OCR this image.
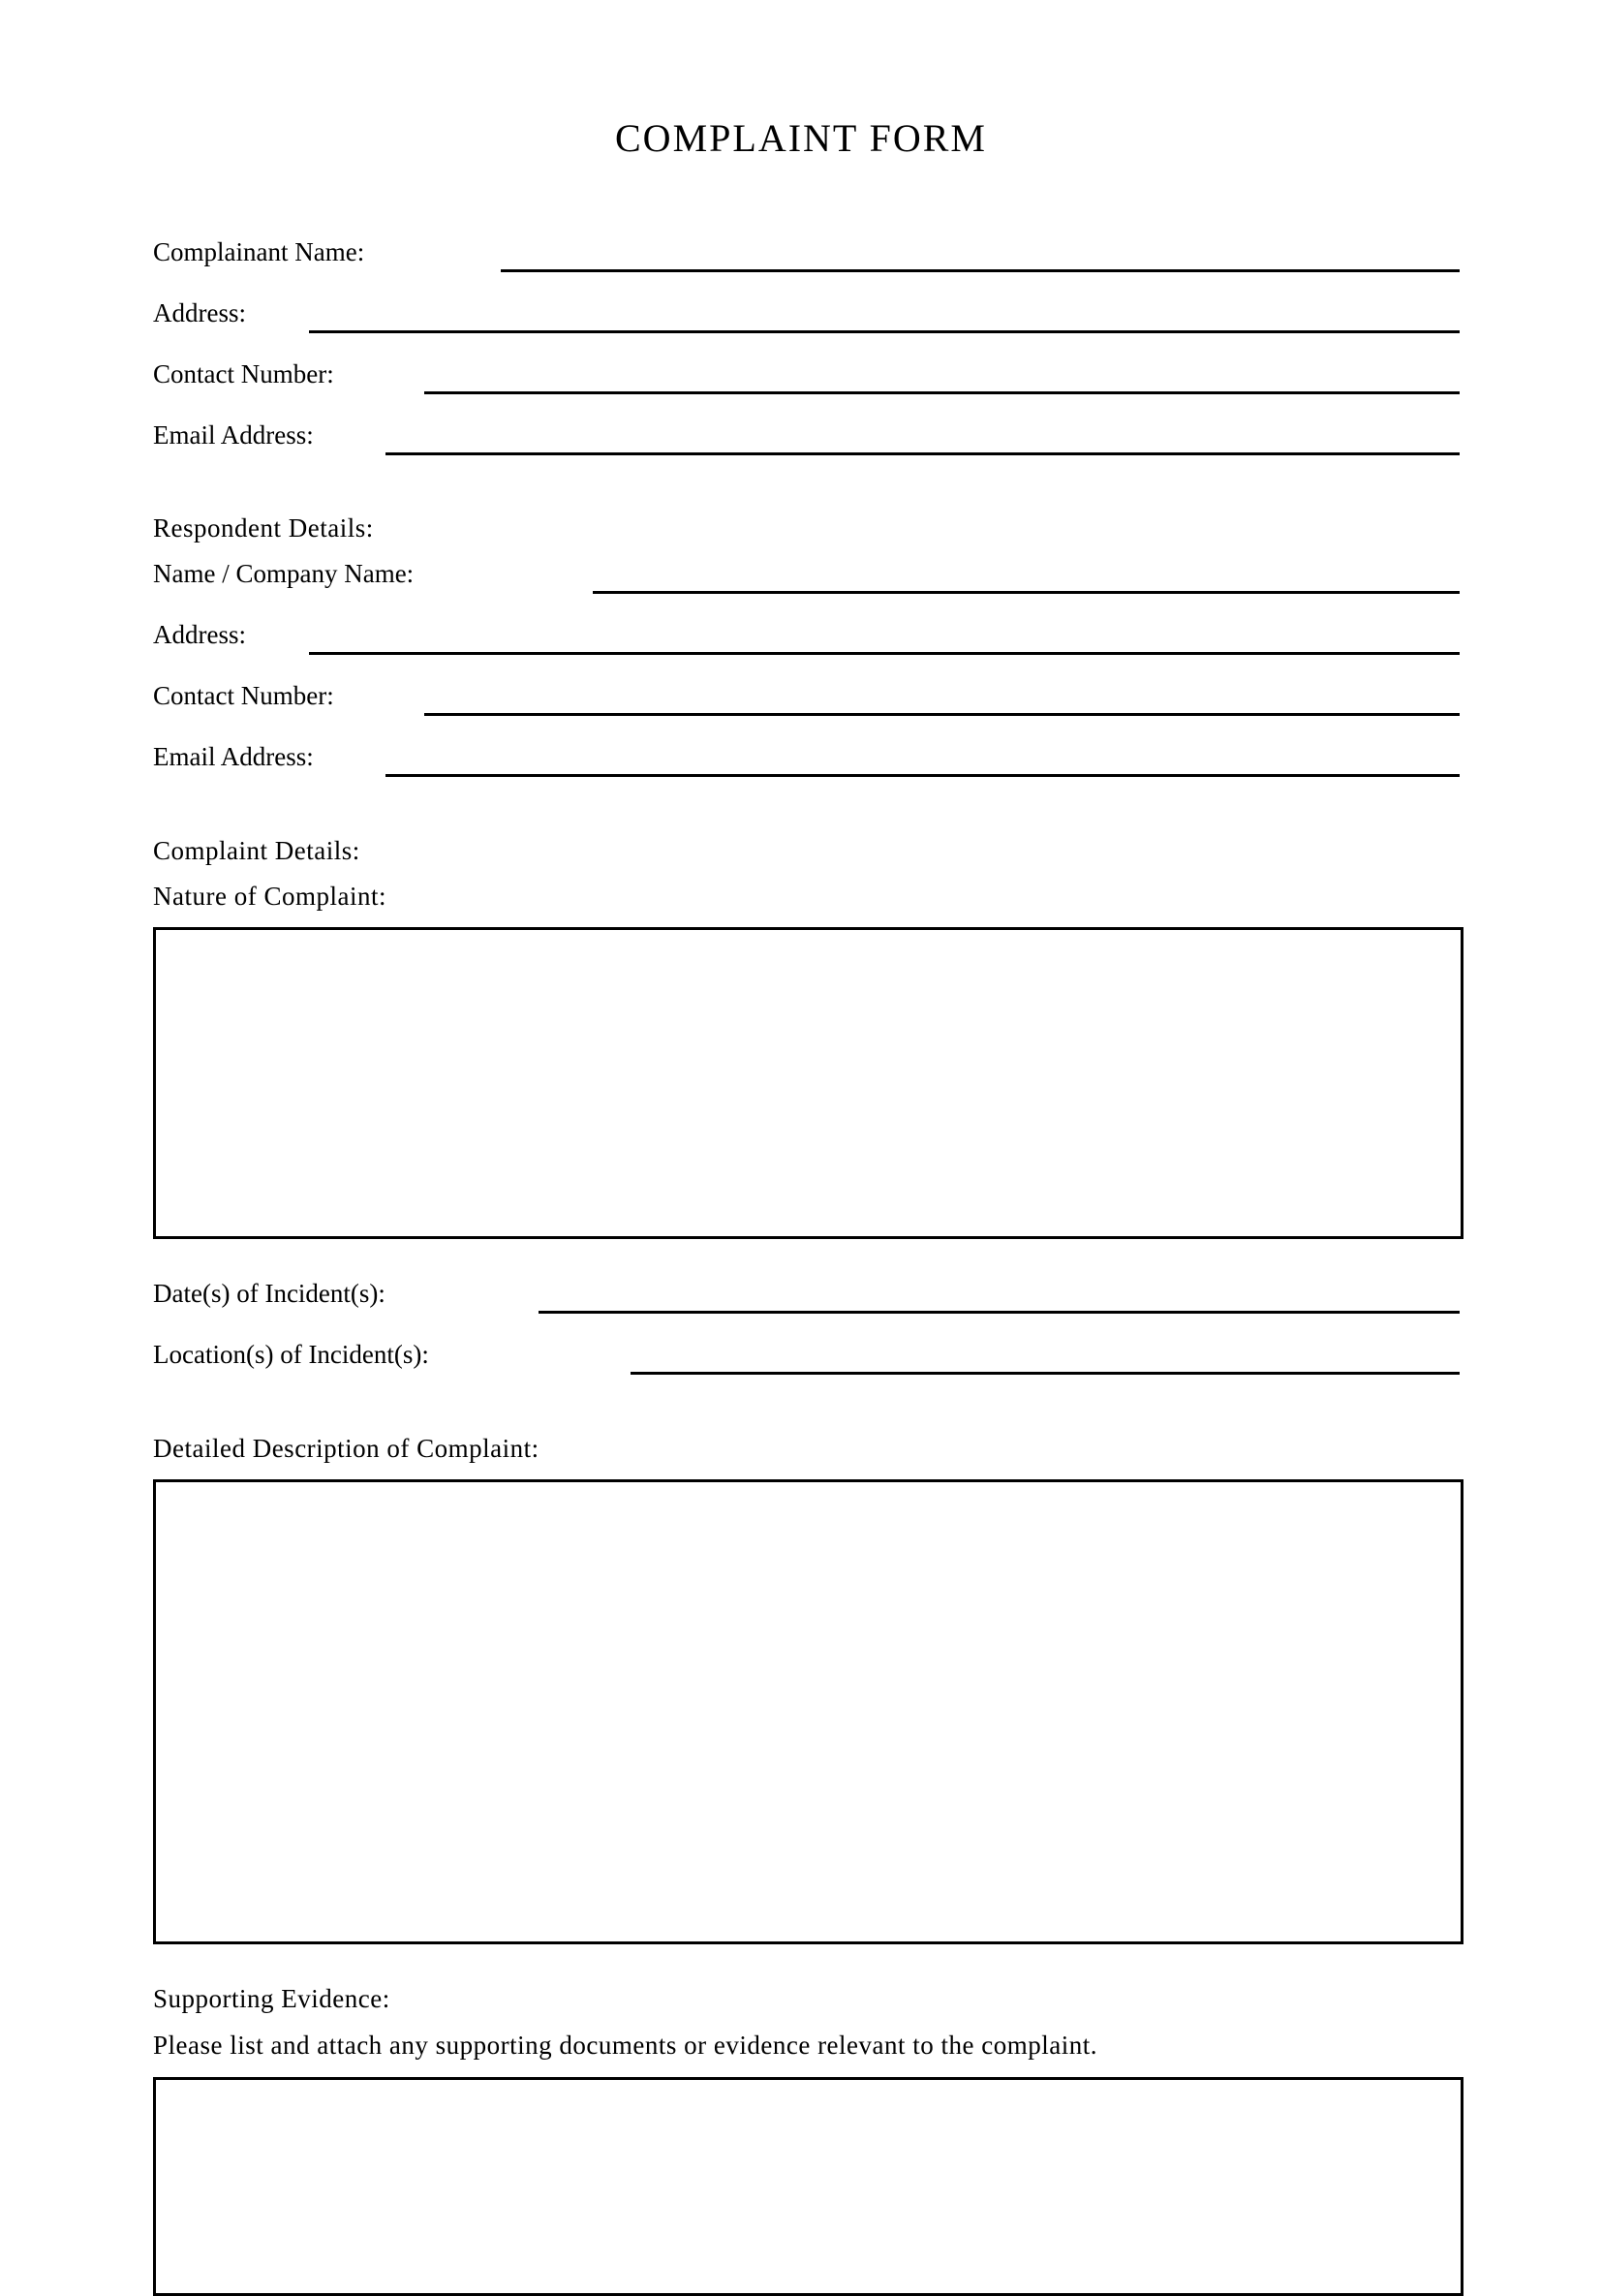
COMPLAINT FORM
Complainant Name:
Address:
Contact Number:
Email Address:
Respondent Details:
Name / Company Name:
Address:
Contact Number:
Email Address:
Complaint Details:
Nature of Complaint:
Date(s) of Incident(s):
Location(s) of Incident(s):
Detailed Description of Complaint:
Supporting Evidence:
Please list and attach any supporting documents or evidence relevant to the complaint.
